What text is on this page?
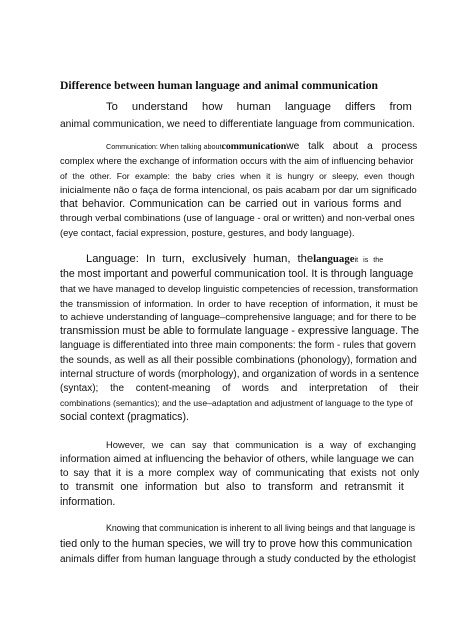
Difference between human language and animal communication
To understand how human language differs from
animal communication, we need to differentiate language from communication.
Communication: When talking aboutcommunicationwe talk about a process
complex where the exchange of information occurs with the aim of influencing behavior
of the other. For example: the baby cries when it is hungry or sleepy, even though
inicialmente não o faça de forma intencional, os pais acabam por dar um significado
that behavior. Communication can be carried out in various forms and
through verbal combinations (use of language - oral or written) and non-verbal ones
(eye contact, facial expression, posture, gestures, and body language).
Language: In turn, exclusively human, thelanguageit is the
the most important and powerful communication tool. It is through language
that we have managed to develop linguistic competencies of recession, transformation
the transmission of information. In order to have reception of information, it must be
to achieve understanding of language–comprehensive language; and for there to be
transmission must be able to formulate language - expressive language. The
language is differentiated into three main components: the form - rules that govern
the sounds, as well as all their possible combinations (phonology), formation and
internal structure of words (morphology), and organization of words in a sentence
(syntax); the content-meaning of words and interpretation of their
combinations (semantics); and the use–adaptation and adjustment of language to the type of
social context (pragmatics).
However, we can say that communication is a way of exchanging
information aimed at influencing the behavior of others, while language we can
to say that it is a more complex way of communicating that exists not only
to transmit one information but also to transform and retransmit it
information.
Knowing that communication is inherent to all living beings and that language is
tied only to the human species, we will try to prove how this communication
animals differ from human language through a study conducted by the ethologist
